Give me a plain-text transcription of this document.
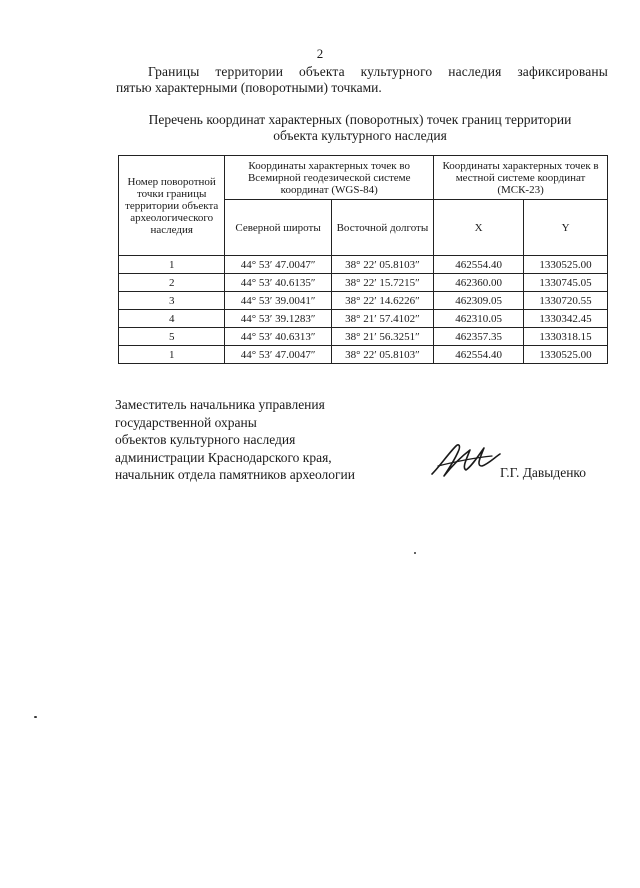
2
Границы территории объекта культурного наследия зафиксированы
пятью характерными (поворотными) точками.
Перечень координат характерных (поворотных) точек границ территории
объекта культурного наследия
Номер поворотной точки границы территории объекта археологического наследия	Координаты характерных точек во Всемирной геодезической системе координат (WGS-84)		Координаты характерных точек в местной системе координат (МСК-23)	
	Северной широты	Восточной долготы	X	Y
1	44° 53′ 47.0047″	38° 22′ 05.8103″	462554.40	1330525.00
2	44° 53′ 40.6135″	38° 22′ 15.7215″	462360.00	1330745.05
3	44° 53′ 39.0041″	38° 22′ 14.6226″	462309.05	1330720.55
4	44° 53′ 39.1283″	38° 21′ 57.4102″	462310.05	1330342.45
5	44° 53′ 40.6313″	38° 21′ 56.3251″	462357.35	1330318.15
1	44° 53′ 47.0047″	38° 22′ 05.8103″	462554.40	1330525.00
Заместитель начальника управления
государственной охраны
объектов культурного наследия
администрации Краснодарского края,
начальник отдела памятников археологии	Г.Г. Давыденко
